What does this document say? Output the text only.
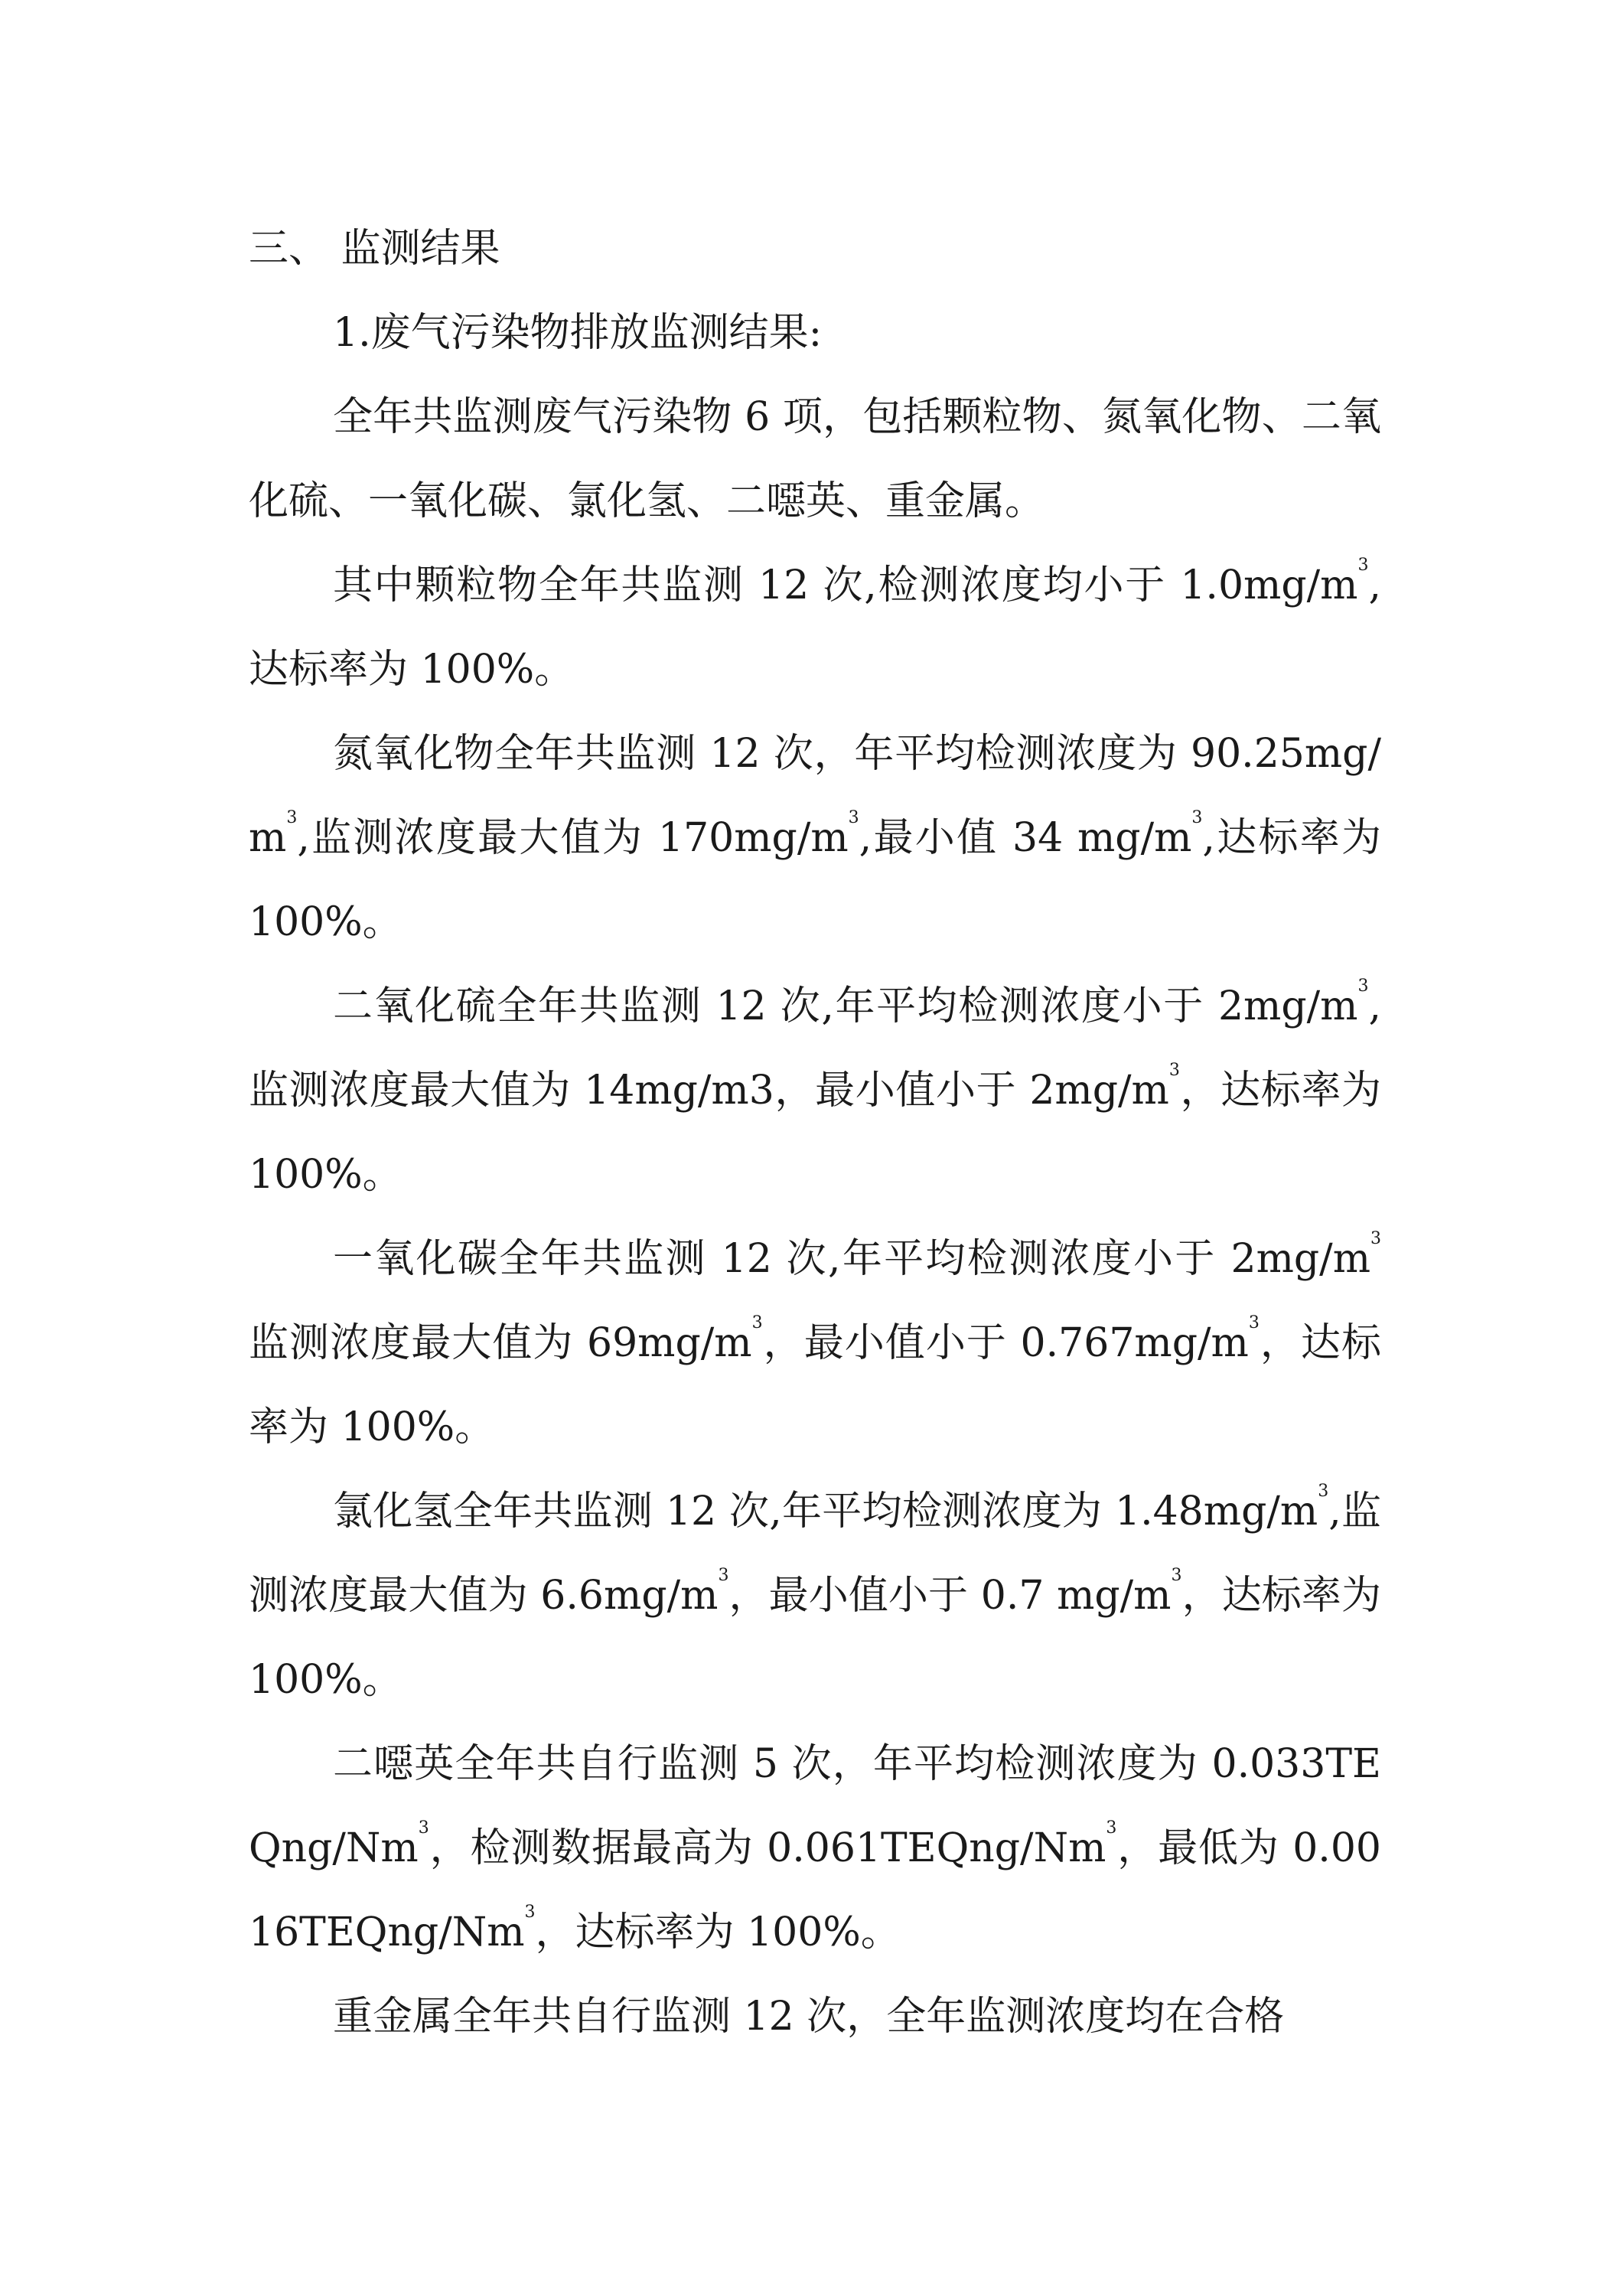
三、 监测结果
1.废气污染物排放监测结果:

全年共监测废气污染物 6 项，包括颗粒物、氮氧化物、二氧化硫、一氧化碳、氯化氢、二噁英、重金属。

其中颗粒物全年共监测 12 次,检测浓度均小于 $1.0mg/m^3$,达标率为 100%。

氮氧化物全年共监测 12 次，年平均检测浓度为 $90.25mg/m^3$,监测浓度最大值为 $170mg/m^3$,最小值 34 $mg/m^3$,达标率为 100%。

二氧化硫全年共监测 12 次,年平均检测浓度小于 $2mg/m^3$,监测浓度最大值为 14mg/m3，最小值小于 $2mg/m^3$，达标率为 100%。

一氧化碳全年共监测 12 次,年平均检测浓度小于 $2mg/m^3$ 监测浓度最大值为 $69mg/m^3$，最小值小于 $0.767mg/m^3$，达标率为 100%。

氯化氢全年共监测 12 次,年平均检测浓度为 $1.48mg/m^3$,监测浓度最大值为 $6.6mg/m^3$，最小值小于 0.7 $mg/m^3$，达标率为 100%。

二噁英全年共自行监测 5 次，年平均检测浓度为 0.033TEQng/Nm$^3$，检测数据最高为 0.061TEQng/Nm$^3$，最低为 0.0016TEQng/Nm$^3$，达标率为 100%。

重金属全年共自行监测 12 次，全年监测浓度均在合格
